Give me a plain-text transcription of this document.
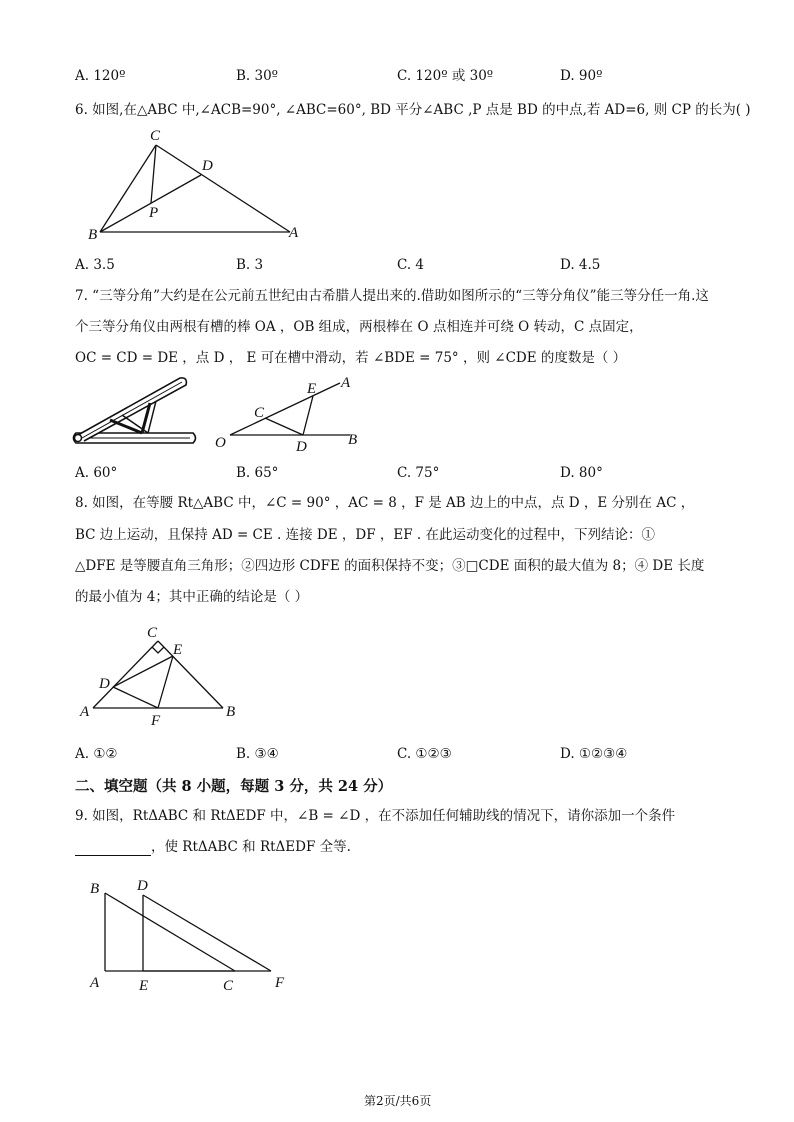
A. 120º	B. 30º	C. 120º 或 30º	D. 90º
6. 如图,在△ABC 中,∠ACB=90°, ∠ABC=60°, BD 平分∠ABC ,P 点是 BD 的中点,若 AD=6, 则 CP 的长为( )
C
D
P
B	A
A. 3.5	B. 3	C. 4	D. 4.5
7. “三等分角”大约是在公元前五世纪由古希腊人提出来的.借助如图所示的“三等分角仪”能三等分任一角.这
个三等分角仪由两根有槽的棒 OA ，OB 组成，两根棒在 O 点相连并可绕 O 转动，C 点固定，
OC = CD = DE ，点 D ， E 可在槽中滑动，若 ∠BDE = 75° ，则 ∠CDE 的度数是（ ）
E A
C
O	D	B
A. 60°	B. 65°	C. 75°	D. 80°
8. 如图，在等腰 Rt△ABC 中，∠C = 90° ，AC = 8 ，F 是 AB 边上的中点，点 D ，E 分别在 AC ，
BC 边上运动，且保持 AD = CE . 连接 DE ，DF ，EF . 在此运动变化的过程中，下列结论：①
△DFE 是等腰直角三角形；②四边形 CDFE 的面积保持不变；③□CDE 面积的最大值为 8；④ DE 长度
的最小值为 4；其中正确的结论是（ ）
C
E
D
A
F
B
A. ①②	B. ③④	C. ①②③	D. ①②③④
二、填空题（共 8 小题，每题 3 分，共 24 分）
9. 如图，RtΔABC 和 RtΔEDF 中，∠B = ∠D ，在不添加任何辅助线的情况下，请你添加一个条件
，使 RtΔABC 和 RtΔEDF 全等.
B	D
A	E	C	F
第2页/共6页
